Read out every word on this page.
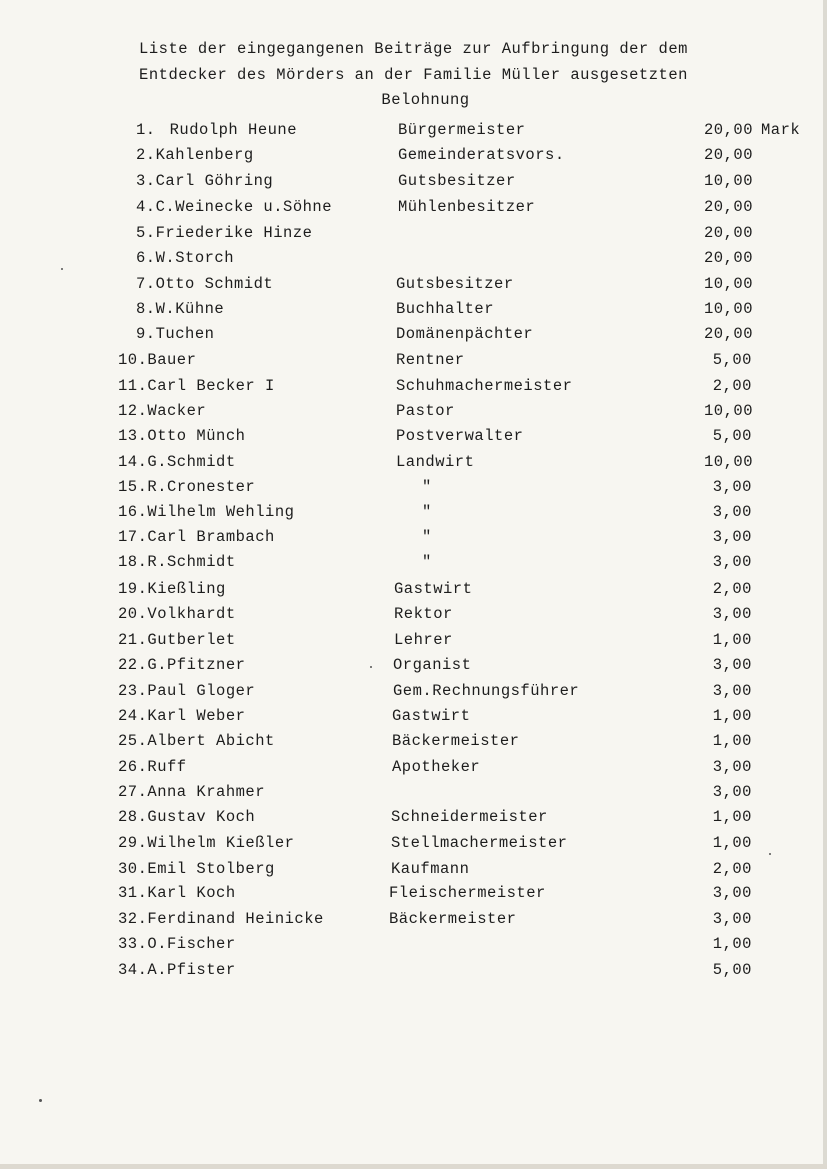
Liste der eingegangenen Beiträge zur Aufbringung der dem
Entdecker des Mörders an der Familie Müller ausgesetzten
Belohnung
1. Rudolph Heune	Bürgermeister	20,00 Mark
2.Kahlenberg	Gemeinderatsvors.	20,00
3.Carl Göhring	Gutsbesitzer	10,00
4.C.Weinecke u.Söhne	Mühlenbesitzer	20,00
5.Friederike Hinze	20,00
6.W.Storch	20,00
7.Otto Schmidt	Gutsbesitzer	10,00
8.W.Kühne	Buchhalter	10,00
9.Tuchen	Domänenpächter	20,00
10.Bauer	Rentner	5,00
11.Carl Becker I	Schuhmachermeister	2,00
12.Wacker	Pastor	10,00
13.Otto Münch	Postverwalter	5,00
14.G.Schmidt	Landwirt	10,00
15.R.Cronester	"	3,00
16.Wilhelm Wehling	"	3,00
17.Carl Brambach	"	3,00
18.R.Schmidt	"	3,00
19.Kießling	Gastwirt	2,00
20.Volkhardt	Rektor	3,00
21.Gutberlet	Lehrer	1,00
22.G.Pfitzner	Organist	3,00
23.Paul Gloger	Gem.Rechnungsführer	3,00
24.Karl Weber	Gastwirt	1,00
25.Albert Abicht	Bäckermeister	1,00
26.Ruff	Apotheker	3,00
27.Anna Krahmer	3,00
28.Gustav Koch	Schneidermeister	1,00
29.Wilhelm Kießler	Stellmachermeister	1,00
30.Emil Stolberg	Kaufmann	2,00
31.Karl Koch	Fleischermeister	3,00
32.Ferdinand Heinicke	Bäckermeister	3,00
33.O.Fischer	1,00
34.A.Pfister	5,00
